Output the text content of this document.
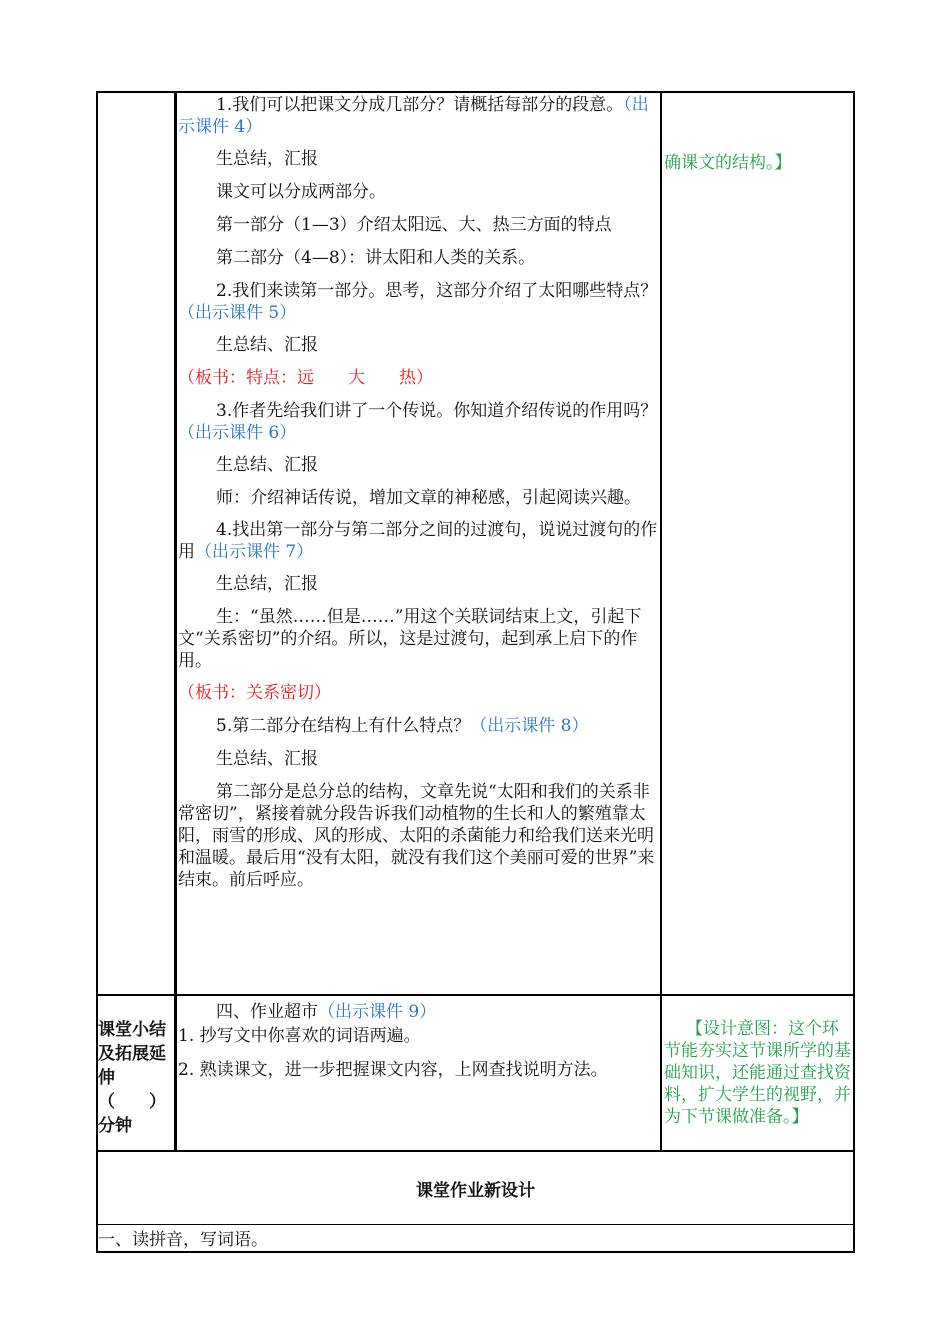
1.我们可以把课文分成几部分？请概括每部分的段意。（出示课件 4）

生总结，汇报

课文可以分成两部分。

第一部分（1—3）介绍太阳远、大、热三方面的特点

第二部分（4—8）：讲太阳和人类的关系。

2.我们来读第一部分。思考，这部分介绍了太阳哪些特点？（出示课件 5）

生总结、汇报

（板书：特点：远　　大　　热）

3.作者先给我们讲了一个传说。你知道介绍传说的作用吗？（出示课件 6）

生总结、汇报

师：介绍神话传说，增加文章的神秘感，引起阅读兴趣。

4.找出第一部分与第二部分之间的过渡句，说说过渡句的作用（出示课件 7）

生总结，汇报

生：“虽然……但是……”用这个关联词结束上文，引起下文“关系密切”的介绍。所以，这是过渡句，起到承上启下的作用。

（板书：关系密切）

5.第二部分在结构上有什么特点？（出示课件 8）

生总结、汇报

第二部分是总分总的结构，文章先说“太阳和我们的关系非常密切”，紧接着就分段告诉我们动植物的生长和人的繁殖靠太阳，雨雪的形成、风的形成、太阳的杀菌能力和给我们送来光明和温暖。最后用“没有太阳，就没有我们这个美丽可爱的世界”来结束。前后呼应。

确课文的结构。】

课堂小结及拓展延伸（　　）分钟

四、作业超市（出示课件 9）

1. 抄写文中你喜欢的词语两遍。

2. 熟读课文，进一步把握课文内容，上网查找说明方法。

【设计意图：这个环节能夯实这节课所学的基础知识，还能通过查找资料，扩大学生的视野，并为下节课做准备。】

课堂作业新设计

一、读拼音，写词语。
